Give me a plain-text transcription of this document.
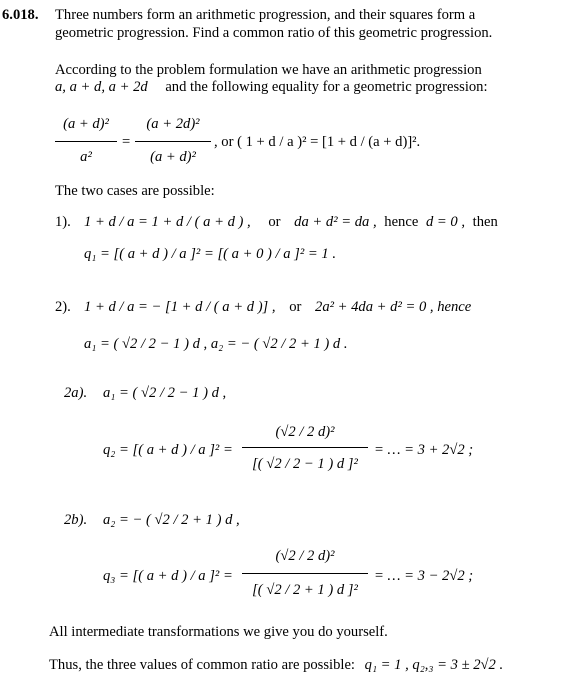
6.018. Three numbers form an arithmetic progression, and their squares form a
geometric progression. Find a common ratio of this geometric progression.
According to the problem formulation we have an arithmetic progression
a, a + d, a + 2d and the following equality for a geometric progression:
(a + d)²
a²
=
(a + 2d)²
(a + d)²
, or ( 1 + d / a )² = [1 + d / (a + d)]².
The two cases are possible:
1). 1 + d / a = 1 + d / ( a + d ) , or da + d² = da , hence d = 0 , then
q₁ = [( a + d ) / a ]² = [( a + 0 ) / a ]² = 1 .
2). 1 + d / a = − [1 + d / ( a + d )] , or 2a² + 4da + d² = 0 , hence
a₁ = ( √2 / 2 − 1 ) d , a₂ = − ( √2 / 2 + 1 ) d .
2a). a₁ = ( √2 / 2 − 1 ) d ,
q₂ = [( a + d ) / a ]² =
(√2 / 2 d)²
[( √2 / 2 − 1 ) d ]²
= … = 3 + 2√2 ;
2b). a₂ = − ( √2 / 2 + 1 ) d ,
q₃ = [( a + d ) / a ]² =
(√2 / 2 d)²
[( √2 / 2 + 1 ) d ]²
= … = 3 − 2√2 ;
All intermediate transformations we give you do yourself.
Thus, the three values of common ratio are possible: q₁ = 1 , q₂,₃ = 3 ± 2√2 .
